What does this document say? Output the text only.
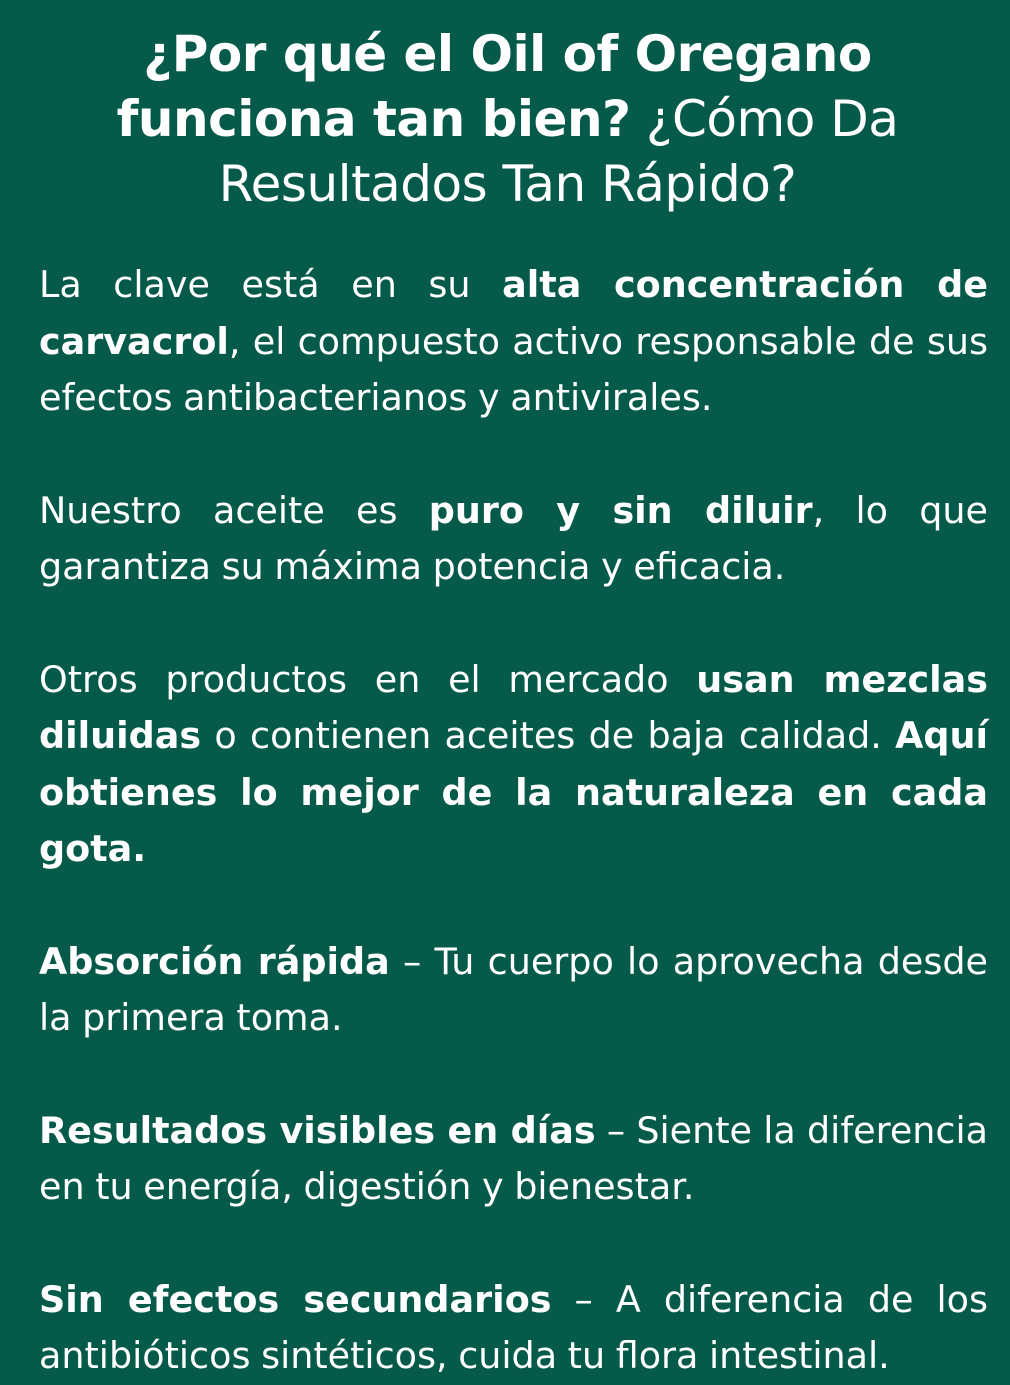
¿Por qué el Oil of Oregano funciona tan bien? ¿Cómo Da Resultados Tan Rápido?

La clave está en su alta concentración de carvacrol, el compuesto activo responsable de sus efectos antibacterianos y antivirales.

Nuestro aceite es puro y sin diluir, lo que garantiza su máxima potencia y eficacia.

Otros productos en el mercado usan mezclas diluidas o contienen aceites de baja calidad. Aquí obtienes lo mejor de la naturaleza en cada gota.

Absorción rápida – Tu cuerpo lo aprovecha desde la primera toma.

Resultados visibles en días – Siente la diferencia en tu energía, digestión y bienestar.

Sin efectos secundarios – A diferencia de los antibióticos sintéticos, cuida tu flora intestinal.
